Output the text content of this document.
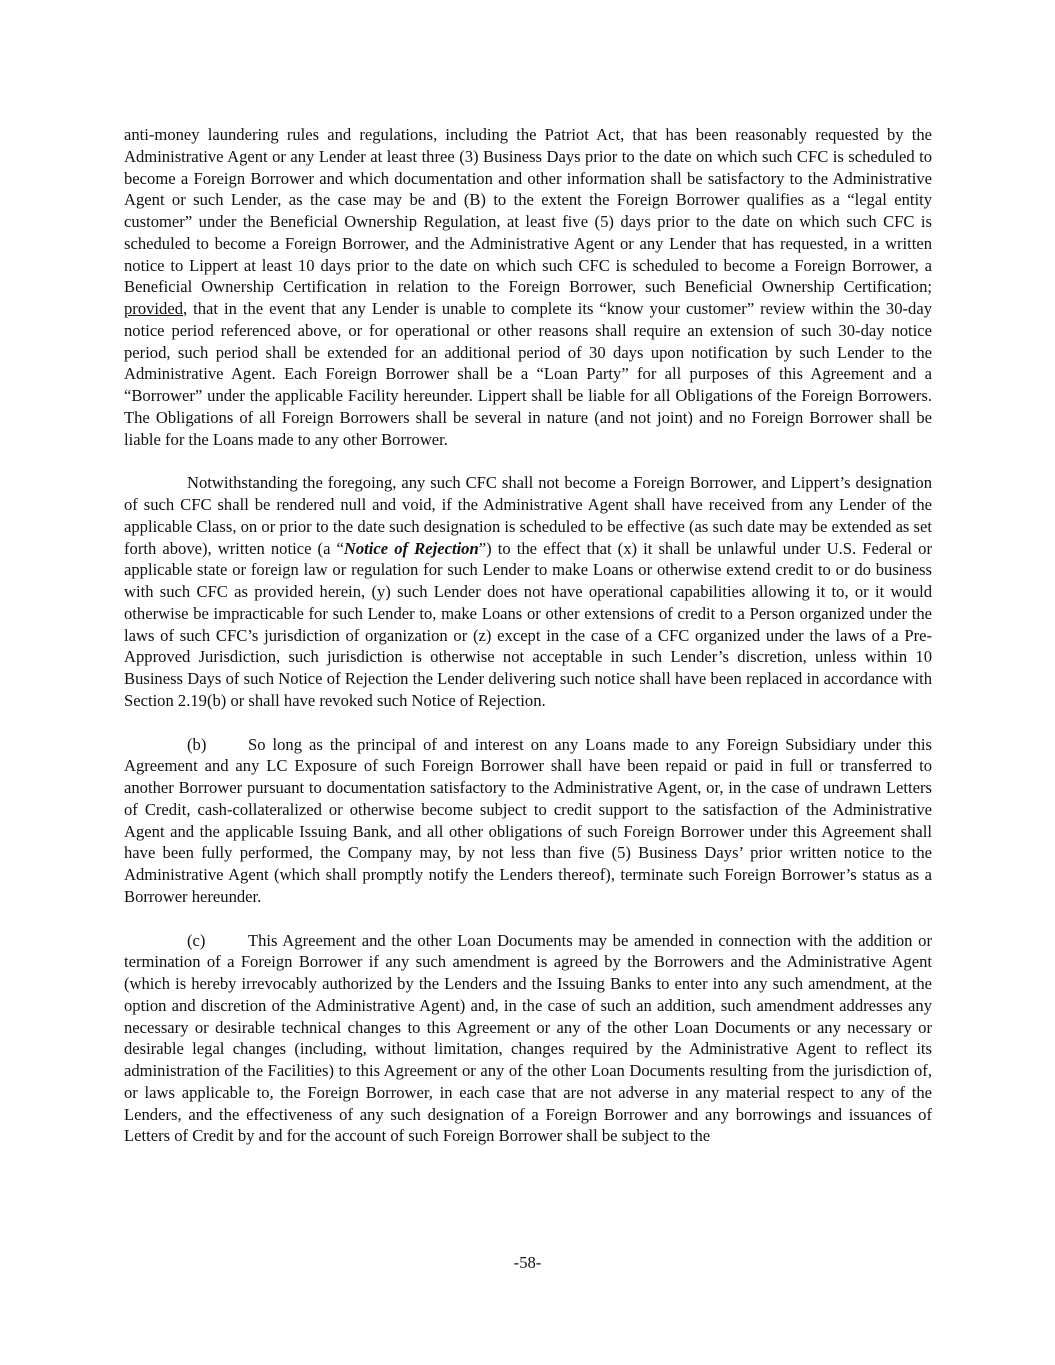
anti-money laundering rules and regulations, including the Patriot Act, that has been reasonably requested by the Administrative Agent or any Lender at least three (3) Business Days prior to the date on which such CFC is scheduled to become a Foreign Borrower and which documentation and other information shall be satisfactory to the Administrative Agent or such Lender, as the case may be and (B) to the extent the Foreign Borrower qualifies as a “legal entity customer” under the Beneficial Ownership Regulation, at least five (5) days prior to the date on which such CFC is scheduled to become a Foreign Borrower, and the Administrative Agent or any Lender that has requested, in a written notice to Lippert at least 10 days prior to the date on which such CFC is scheduled to become a Foreign Borrower, a Beneficial Ownership Certification in relation to the Foreign Borrower, such Beneficial Ownership Certification; provided, that in the event that any Lender is unable to complete its “know your customer” review within the 30-day notice period referenced above, or for operational or other reasons shall require an extension of such 30-day notice period, such period shall be extended for an additional period of 30 days upon notification by such Lender to the Administrative Agent. Each Foreign Borrower shall be a “Loan Party” for all purposes of this Agreement and a “Borrower” under the applicable Facility hereunder. Lippert shall be liable for all Obligations of the Foreign Borrowers. The Obligations of all Foreign Borrowers shall be several in nature (and not joint) and no Foreign Borrower shall be liable for the Loans made to any other Borrower.

Notwithstanding the foregoing, any such CFC shall not become a Foreign Borrower, and Lippert’s designation of such CFC shall be rendered null and void, if the Administrative Agent shall have received from any Lender of the applicable Class, on or prior to the date such designation is scheduled to be effective (as such date may be extended as set forth above), written notice (a “Notice of Rejection”) to the effect that (x) it shall be unlawful under U.S. Federal or applicable state or foreign law or regulation for such Lender to make Loans or otherwise extend credit to or do business with such CFC as provided herein, (y) such Lender does not have operational capabilities allowing it to, or it would otherwise be impracticable for such Lender to, make Loans or other extensions of credit to a Person organized under the laws of such CFC’s jurisdiction of organization or (z) except in the case of a CFC organized under the laws of a Pre-Approved Jurisdiction, such jurisdiction is otherwise not acceptable in such Lender’s discretion, unless within 10 Business Days of such Notice of Rejection the Lender delivering such notice shall have been replaced in accordance with Section 2.19(b) or shall have revoked such Notice of Rejection.

(b)	So long as the principal of and interest on any Loans made to any Foreign Subsidiary under this Agreement and any LC Exposure of such Foreign Borrower shall have been repaid or paid in full or transferred to another Borrower pursuant to documentation satisfactory to the Administrative Agent, or, in the case of undrawn Letters of Credit, cash-collateralized or otherwise become subject to credit support to the satisfaction of the Administrative Agent and the applicable Issuing Bank, and all other obligations of such Foreign Borrower under this Agreement shall have been fully performed, the Company may, by not less than five (5) Business Days’ prior written notice to the Administrative Agent (which shall promptly notify the Lenders thereof), terminate such Foreign Borrower’s status as a Borrower hereunder.

(c)	This Agreement and the other Loan Documents may be amended in connection with the addition or termination of a Foreign Borrower if any such amendment is agreed by the Borrowers and the Administrative Agent (which is hereby irrevocably authorized by the Lenders and the Issuing Banks to enter into any such amendment, at the option and discretion of the Administrative Agent) and, in the case of such an addition, such amendment addresses any necessary or desirable technical changes to this Agreement or any of the other Loan Documents or any necessary or desirable legal changes (including, without limitation, changes required by the Administrative Agent to reflect its administration of the Facilities) to this Agreement or any of the other Loan Documents resulting from the jurisdiction of, or laws applicable to, the Foreign Borrower, in each case that are not adverse in any material respect to any of the Lenders, and the effectiveness of any such designation of a Foreign Borrower and any borrowings and issuances of Letters of Credit by and for the account of such Foreign Borrower shall be subject to the

-58-
